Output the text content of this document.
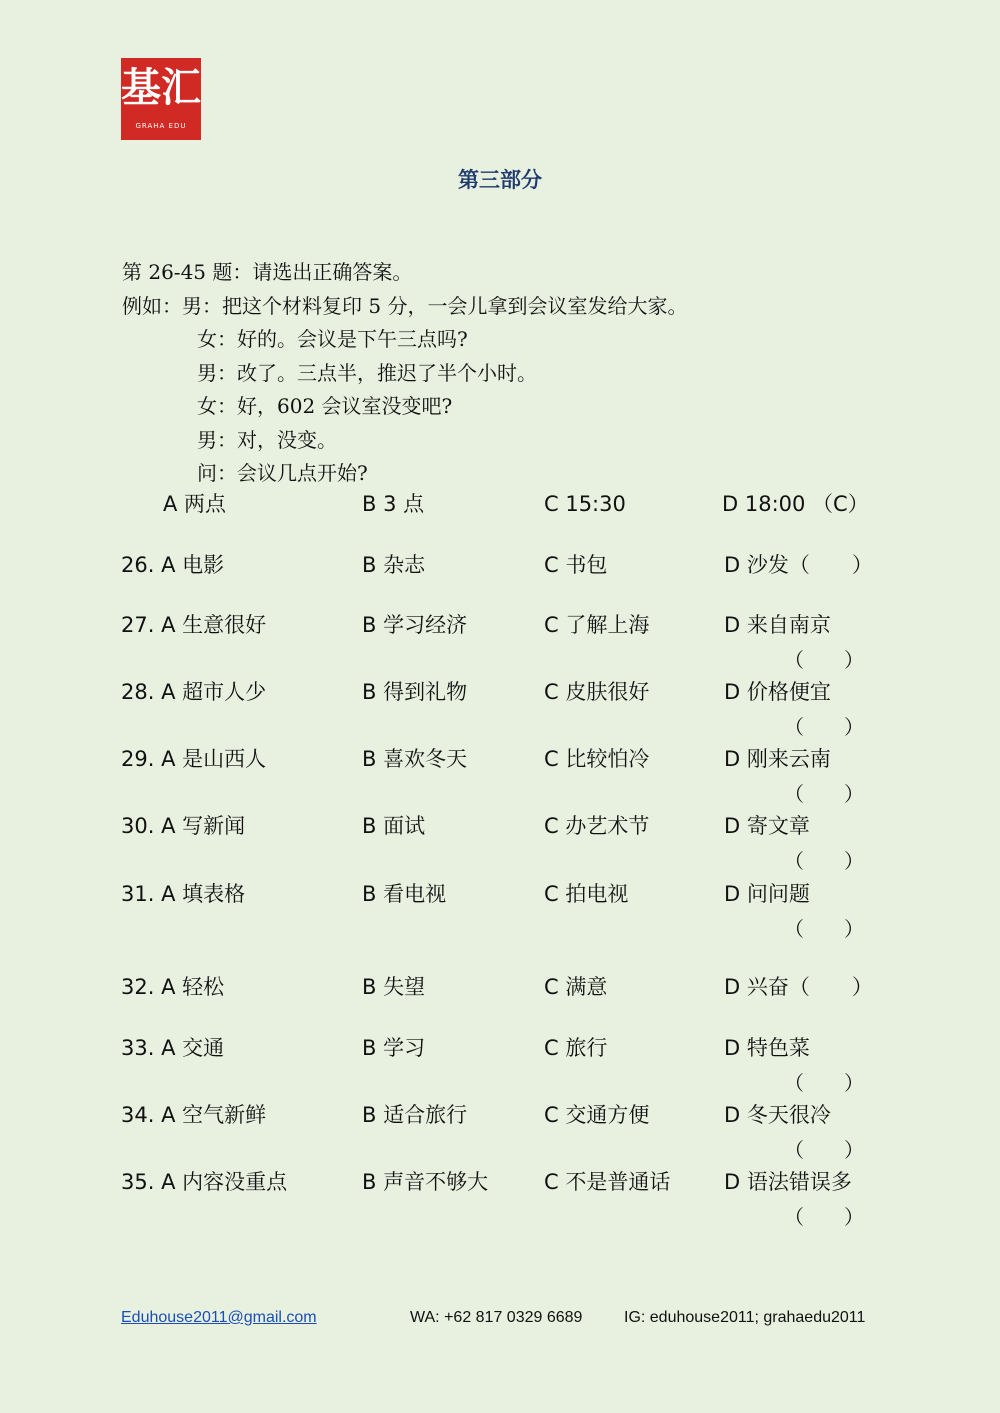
基汇
GRAHA EDU
第三部分
第 26-45 题：请选出正确答案。
例如：男：把这个材料复印 5 分，一会儿拿到会议室发给大家。
女：好的。会议是下午三点吗?
男：改了。三点半，推迟了半个小时。
女：好，602 会议室没变吧?
男：对，没变。
问：会议几点开始?
A 两点	B 3 点	C 15:30	D 18:00 （C）
26. A 电影	B 杂志	C 书包	D 沙发（　　）
27. A 生意很好	B 学习经济	C 了解上海	D 来自南京
（　　）
28. A 超市人少	B 得到礼物	C 皮肤很好	D 价格便宜
（　　）
29. A 是山西人	B 喜欢冬天	C 比较怕冷	D 刚来云南
（　　）
30. A 写新闻	B 面试	C 办艺术节	D 寄文章
（　　）
31. A 填表格	B 看电视	C 拍电视	D 问问题
（　　）
32. A 轻松	B 失望	C 满意	D 兴奋（　　）
33. A 交通	B 学习	C 旅行	D 特色菜
（　　）
34. A 空气新鲜	B 适合旅行	C 交通方便	D 冬天很冷
（　　）
35. A 内容没重点	B 声音不够大	C 不是普通话	D 语法错误多
（　　）
Eduhouse2011@gmail.com	WA: +62 817 0329 6689	IG: eduhouse2011; grahaedu2011
